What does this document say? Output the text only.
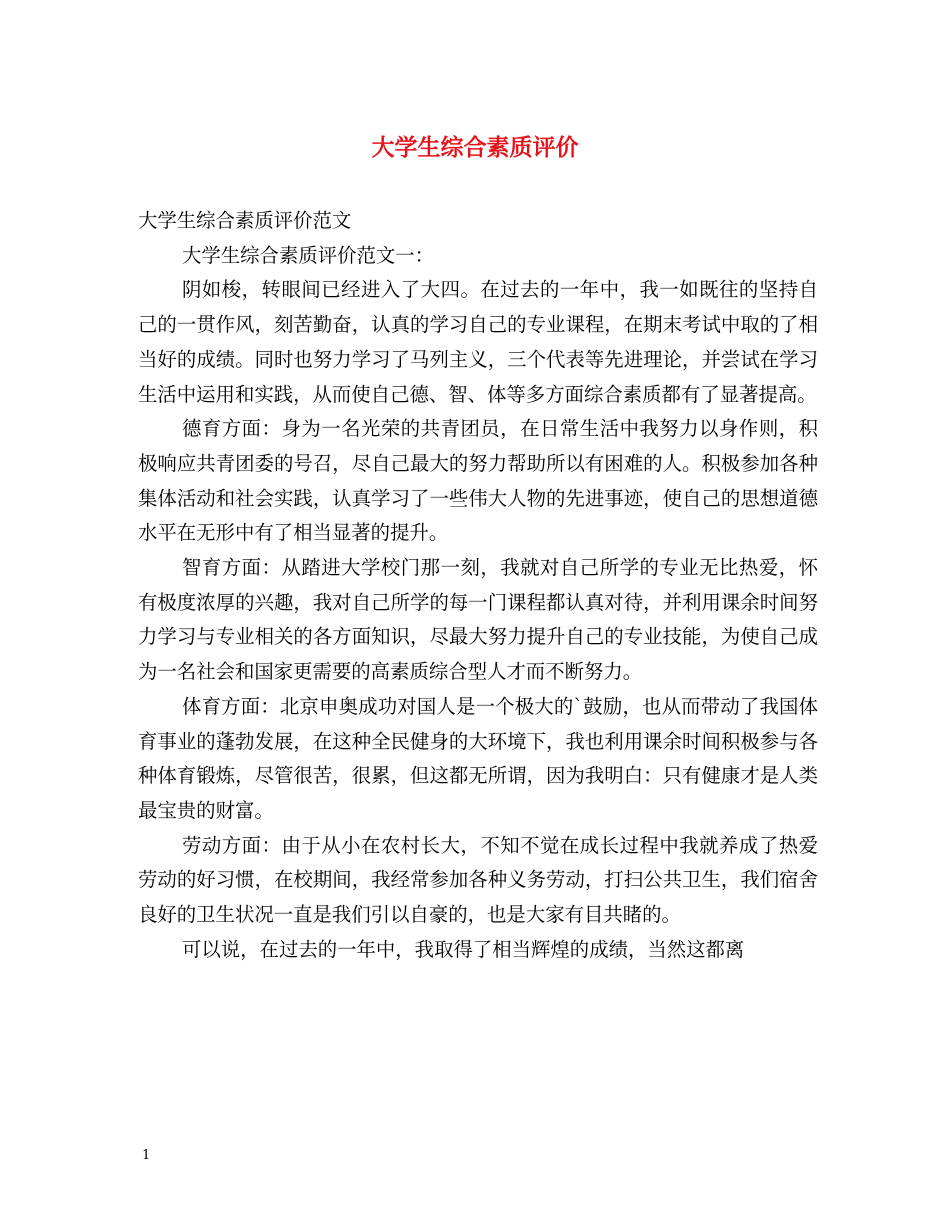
大学生综合素质评价

大学生综合素质评价范文

大学生综合素质评价范文一：

阴如梭，转眼间已经进入了大四。在过去的一年中，我一如既往的坚持自己的一贯作风，刻苦勤奋，认真的学习自己的专业课程，在期末考试中取的了相当好的成绩。同时也努力学习了马列主义，三个代表等先进理论，并尝试在学习生活中运用和实践，从而使自己德、智、体等多方面综合素质都有了显著提高。

德育方面：身为一名光荣的共青团员，在日常生活中我努力以身作则，积极响应共青团委的号召，尽自己最大的努力帮助所以有困难的人。积极参加各种集体活动和社会实践，认真学习了一些伟大人物的先进事迹，使自己的思想道德水平在无形中有了相当显著的提升。

智育方面：从踏进大学校门那一刻，我就对自己所学的专业无比热爱，怀有极度浓厚的兴趣，我对自己所学的每一门课程都认真对待，并利用课余时间努力学习与专业相关的各方面知识，尽最大努力提升自己的专业技能，为使自己成为一名社会和国家更需要的高素质综合型人才而不断努力。

体育方面：北京申奥成功对国人是一个极大的`鼓励，也从而带动了我国体育事业的蓬勃发展，在这种全民健身的大环境下，我也利用课余时间积极参与各种体育锻炼，尽管很苦，很累，但这都无所谓，因为我明白：只有健康才是人类最宝贵的财富。

劳动方面：由于从小在农村长大，不知不觉在成长过程中我就养成了热爱劳动的好习惯，在校期间，我经常参加各种义务劳动，打扫公共卫生，我们宿舍良好的卫生状况一直是我们引以自豪的，也是大家有目共睹的。

可以说，在过去的一年中，我取得了相当辉煌的成绩，当然这都离

1
